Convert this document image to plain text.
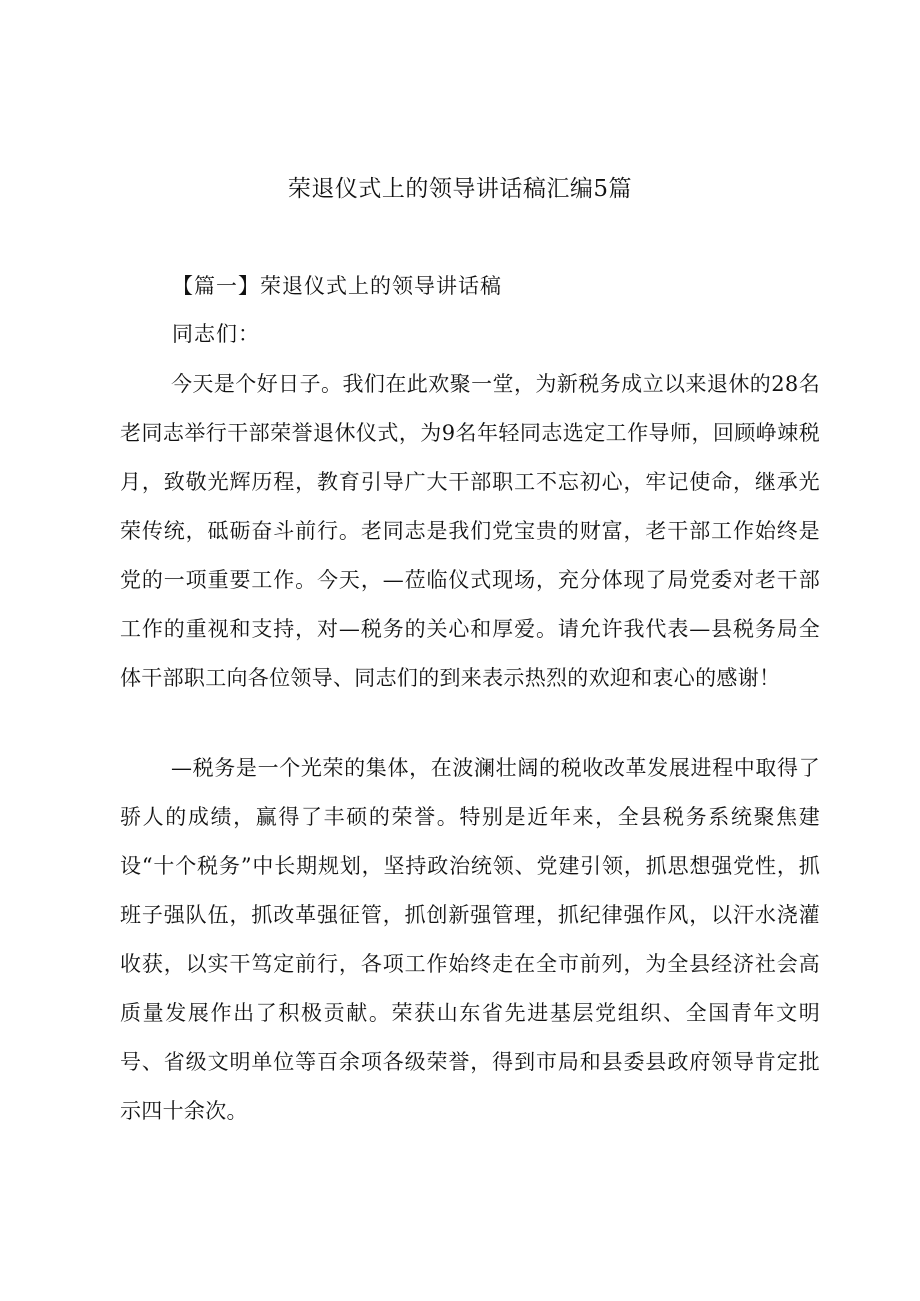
荣退仪式上的领导讲话稿汇编5篇
【篇一】荣退仪式上的领导讲话稿

同志们：

今天是个好日子。我们在此欢聚一堂，为新税务成立以来退休的28名老同志举行干部荣誉退休仪式，为9名年轻同志选定工作导师，回顾峥竦税月，致敬光辉历程，教育引导广大干部职工不忘初心，牢记使命，继承光荣传统，砥砺奋斗前行。老同志是我们党宝贵的财富，老干部工作始终是党的一项重要工作。今天，—莅临仪式现场，充分体现了局党委对老干部工作的重视和支持，对—税务的关心和厚爱。请允许我代表—县税务局全体干部职工向各位领导、同志们的到来表示热烈的欢迎和衷心的感谢！

—税务是一个光荣的集体，在波澜壮阔的税收改革发展进程中取得了骄人的成绩，赢得了丰硕的荣誉。特别是近年来，全县税务系统聚焦建设“十个税务”中长期规划，坚持政治统领、党建引领，抓思想强党性，抓班子强队伍，抓改革强征管，抓创新强管理，抓纪律强作风，以汗水浇灌收获，以实干笃定前行，各项工作始终走在全市前列，为全县经济社会高质量发展作出了积极贡献。荣获山东省先进基层党组织、全国青年文明号、省级文明单位等百余项各级荣誉，得到市局和县委县政府领导肯定批示四十余次。
